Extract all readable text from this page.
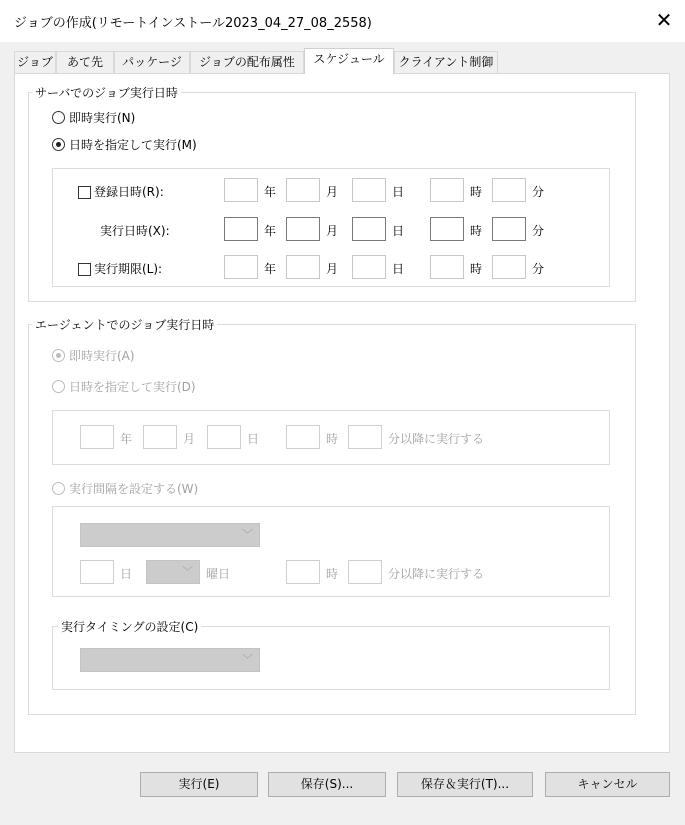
ジョブの作成(リモートインストール2023_04_27_08_2558)	✕
ジョブ	あて先	パッケージ	ジョブの配布属性	スケジュール	クライアント制御
サーバでのジョブ実行日時
即時実行(N)
日時を指定して実行(M)
登録日時(R):	年	月	日	時	分
実行日時(X):	年	月	日	時	分
実行期限(L):	年	月	日	時	分
エージェントでのジョブ実行日時
即時実行(A)
日時を指定して実行(D)
年	月	日	時	分以降に実行する
実行間隔を設定する(W)
﹀
日	﹀ 曜日	時	分以降に実行する
実行タイミングの設定(C)
﹀
実行(E)	保存(S)...	保存＆実行(T)...	キャンセル
